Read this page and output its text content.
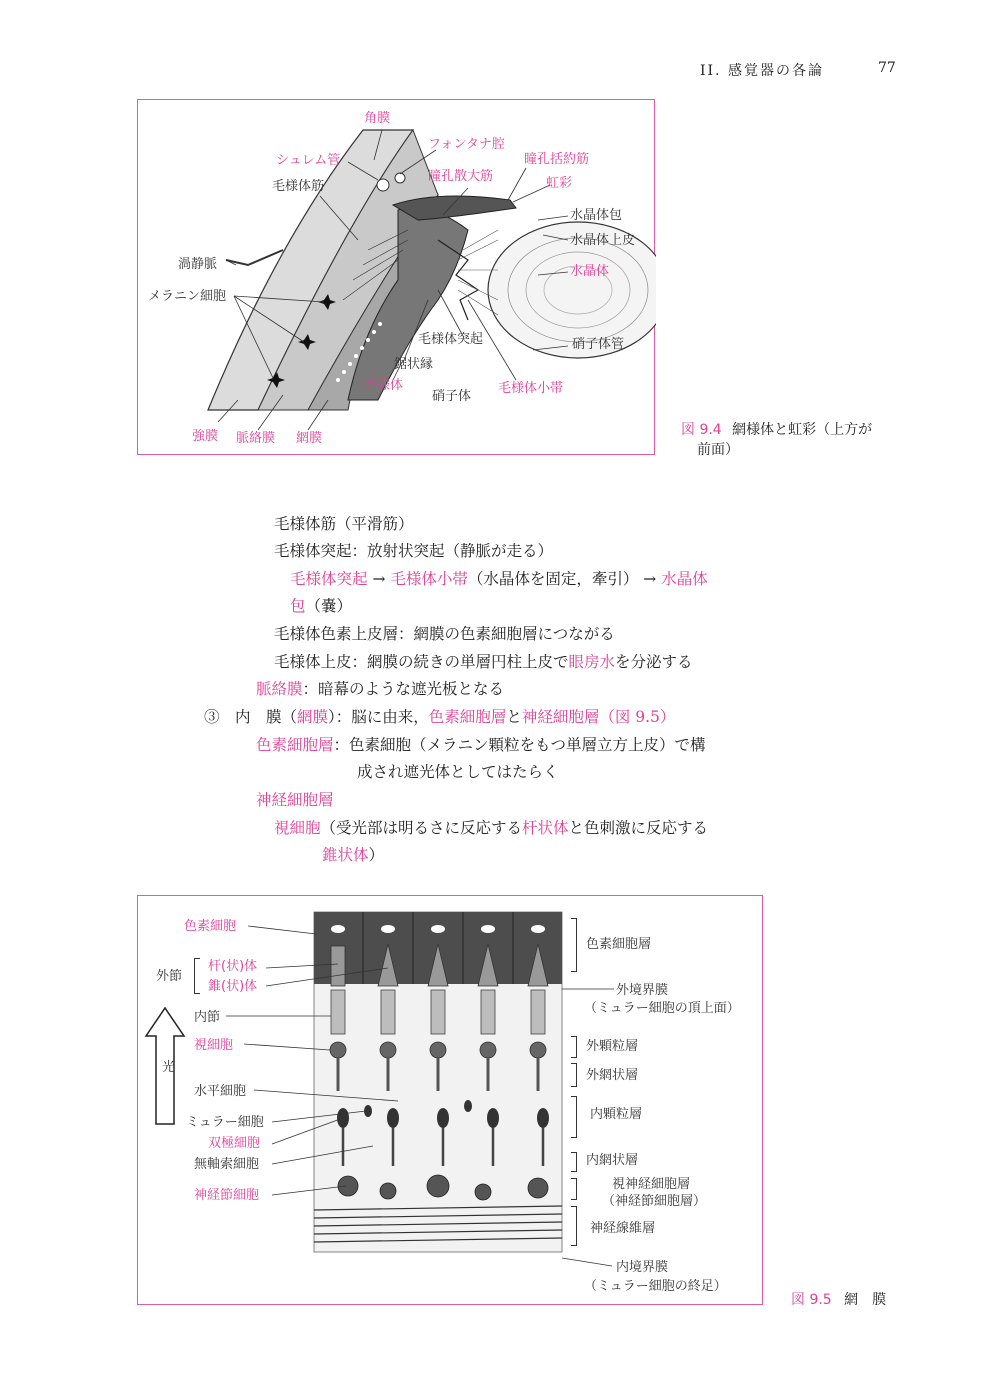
II. 感覚器の各論	77
角膜
フォンタナ腔
シュレム管	瞳孔括約筋
毛様体筋
瞳孔散大筋	虹彩
水晶体包
水晶体上皮
渦静脈	水晶体
メラニン細胞
毛様体突起	硝子体管
鋸状縁
毛様体	毛様体小帯
硝子体
強膜 脈絡膜 網膜
図 9.4 網様体と虹彩（上方が
前面）
毛様体筋（平滑筋）
毛様体突起：放射状突起（静脈が走る）
毛様体突起 → 毛様体小帯（水晶体を固定，牽引） → 水晶体
包（嚢）
毛様体色素上皮層：網膜の色素細胞層につながる
毛様体上皮：網膜の続きの単層円柱上皮で眼房水を分泌する
脈絡膜：暗幕のような遮光板となる
③　内　膜（網膜）：脳に由来，色素細胞層と神経細胞層（図 9.5）
色素細胞層：色素細胞（メラニン顆粒をもつ単層立方上皮）で構
成され遮光体としてはたらく
神経細胞層
視細胞（受光部は明るさに反応する杆状体と色刺激に反応する
錐状体）
色素細胞
外節
杆(状)体
錐(状)体
内節
視細胞
光
水平細胞
ミュラー細胞
双極細胞
無軸索細胞
神経節細胞
色素細胞層
外境界膜
（ミュラー細胞の頂上面）
外顆粒層
外網状層
内顆粒層
内網状層
視神経細胞層
（神経節細胞層）
神経線維層
内境界膜
（ミュラー細胞の終足）
図 9.5 網　膜
